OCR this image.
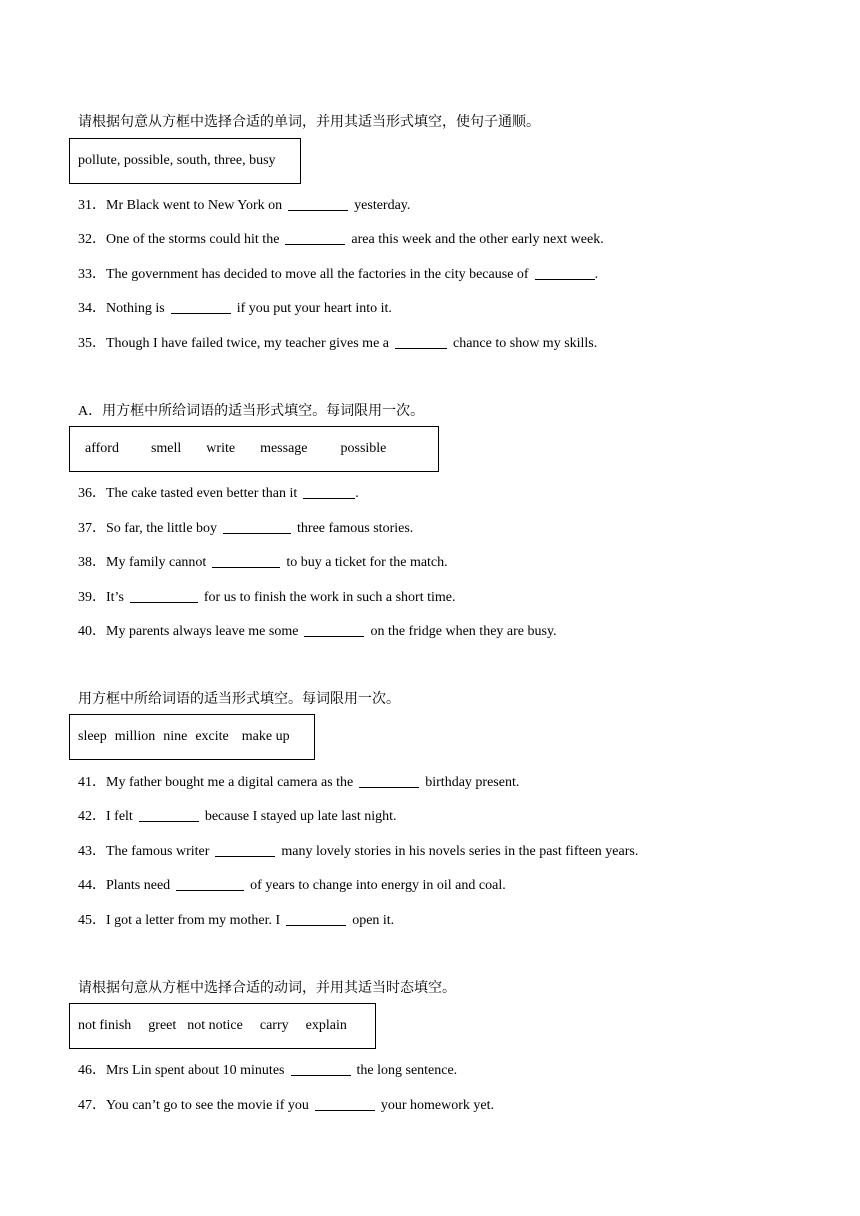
请根据句意从方框中选择合适的单词，并用其适当形式填空，使句子通顺。
pollute, possible, south, three, busy
31．Mr Black went to New York on	yesterday.
32．One of the storms could hit the	area this week and the other early next week.
33．The government has decided to move all the factories in the city because of	.
34．Nothing is	if you put your heart into it.
35．Though I have failed twice, my teacher gives me a	chance to show my skills.
A．用方框中所给词语的适当形式填空。每词限用一次。
afford smell write message possible
36．The cake tasted even better than it	.
37．So far, the little boy	three famous stories.
38．My family cannot	to buy a ticket for the match.
39．It’s	for us to finish the work in such a short time.
40．My parents always leave me some	on the fridge when they are busy.
用方框中所给词语的适当形式填空。每词限用一次。
sleep million nine excite make up
41．My father bought me a digital camera as the	birthday present.
42．I felt	because I stayed up late last night.
43．The famous writer	many lovely stories in his novels series in the past fifteen years.
44．Plants need	of years to change into energy in oil and coal.
45．I got a letter from my mother. I	open it.
请根据句意从方框中选择合适的动词，并用其适当时态填空。
not finish greet not notice carry explain
46．Mrs Lin spent about 10 minutes	the long sentence.
47．You can’t go to see the movie if you	your homework yet.
